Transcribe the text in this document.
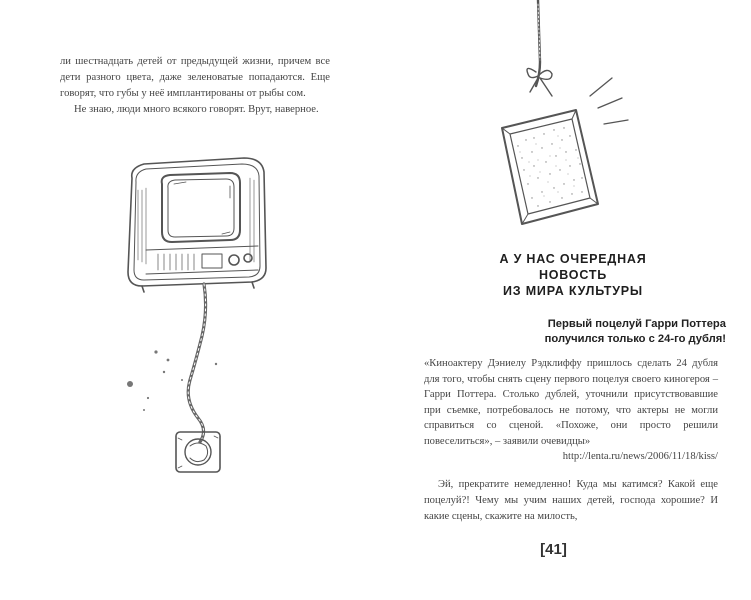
ли шестнадцать детей от предыдущей жизни, причем все дети разного цвета, даже зеленоватые попадаются. Еще говорят, что губы у неё имплантированы от рыбы сом.

Не знаю, люди много всякого говорят. Врут, наверное.

А У НАС ОЧЕРЕДНАЯ
НОВОСТЬ
ИЗ МИРА КУЛЬТУРЫ
Первый поцелуй Гарри Поттера
получился только с 24-го дубля!
«Киноактеру Дэниелу Рэдклиффу пришлось сделать 24 дубля для того, чтобы снять сцену первого поцелуя своего киногероя – Гарри Поттера. Столько дублей, уточнили присутствовавшие при съемке, потребовалось не потому, что актеры не могли справиться со сценой. «Похоже, они просто решили повеселиться», – заявили очевидцы»
http://lenta.ru/news/2006/11/18/kiss/

Эй, прекратите немедленно! Куда мы катимся? Какой еще поцелуй?! Чему мы учим наших детей, господа хорошие? И какие сцены, скажите на милость,

[41]
